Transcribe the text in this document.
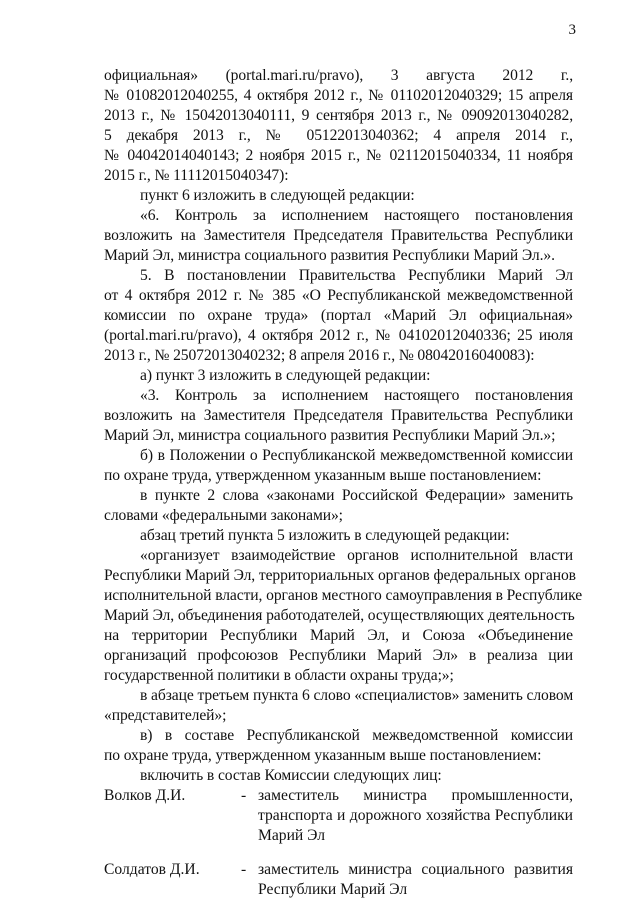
3
официальная» (portal.mari.ru/pravo), 3 августа 2012 г.,
№ 01082012040255, 4 октября 2012 г., № 01102012040329; 15 апреля
2013 г., № 15042013040111, 9 сентября 2013 г., № 09092013040282,
5 декабря 2013 г., № 05122013040362; 4 апреля 2014 г.,
№ 04042014040143; 2 ноября 2015 г., № 02112015040334, 11 ноября
2015 г., № 11112015040347):
пункт 6 изложить в следующей редакции:
«6. Контроль за исполнением настоящего постановления
возложить на Заместителя Председателя Правительства Республики
Марий Эл, министра социального развития Республики Марий Эл.».
5. В постановлении Правительства Республики Марий Эл
от 4 октября 2012 г. № 385 «О Республиканской межведомственной
комиссии по охране труда» (портал «Марий Эл официальная»
(portal.mari.ru/pravo), 4 октября 2012 г., № 04102012040336; 25 июля
2013 г., № 25072013040232; 8 апреля 2016 г., № 08042016040083):
а) пункт 3 изложить в следующей редакции:
«3. Контроль за исполнением настоящего постановления
возложить на Заместителя Председателя Правительства Республики
Марий Эл, министра социального развития Республики Марий Эл.»;
б) в Положении о Республиканской межведомственной комиссии
по охране труда, утвержденном указанным выше постановлением:
в пункте 2 слова «законами Российской Федерации» заменить
словами «федеральными законами»;
абзац третий пункта 5 изложить в следующей редакции:
«организует взаимодействие органов исполнительной власти
Республики Марий Эл, территориальных органов федеральных органов
исполнительной власти, органов местного самоуправления в Республике
Марий Эл, объединения работодателей, осуществляющих деятельность
на территории Республики Марий Эл, и Союза «Объединение
организаций профсоюзов Республики Марий Эл» в реализа ции
государственной политики в области охраны труда;»;
в абзаце третьем пункта 6 слово «специалистов» заменить словом
«представителей»;
в) в составе Республиканской межведомственной комиссии
по охране труда, утвержденном указанным выше постановлением:
включить в состав Комиссии следующих лиц:
Волков Д.И.	- заместитель министра промышленности,
транспорта и дорожного хозяйства Республики
Марий Эл
Солдатов Д.И.	- заместитель министра социального развития
Республики Марий Эл
